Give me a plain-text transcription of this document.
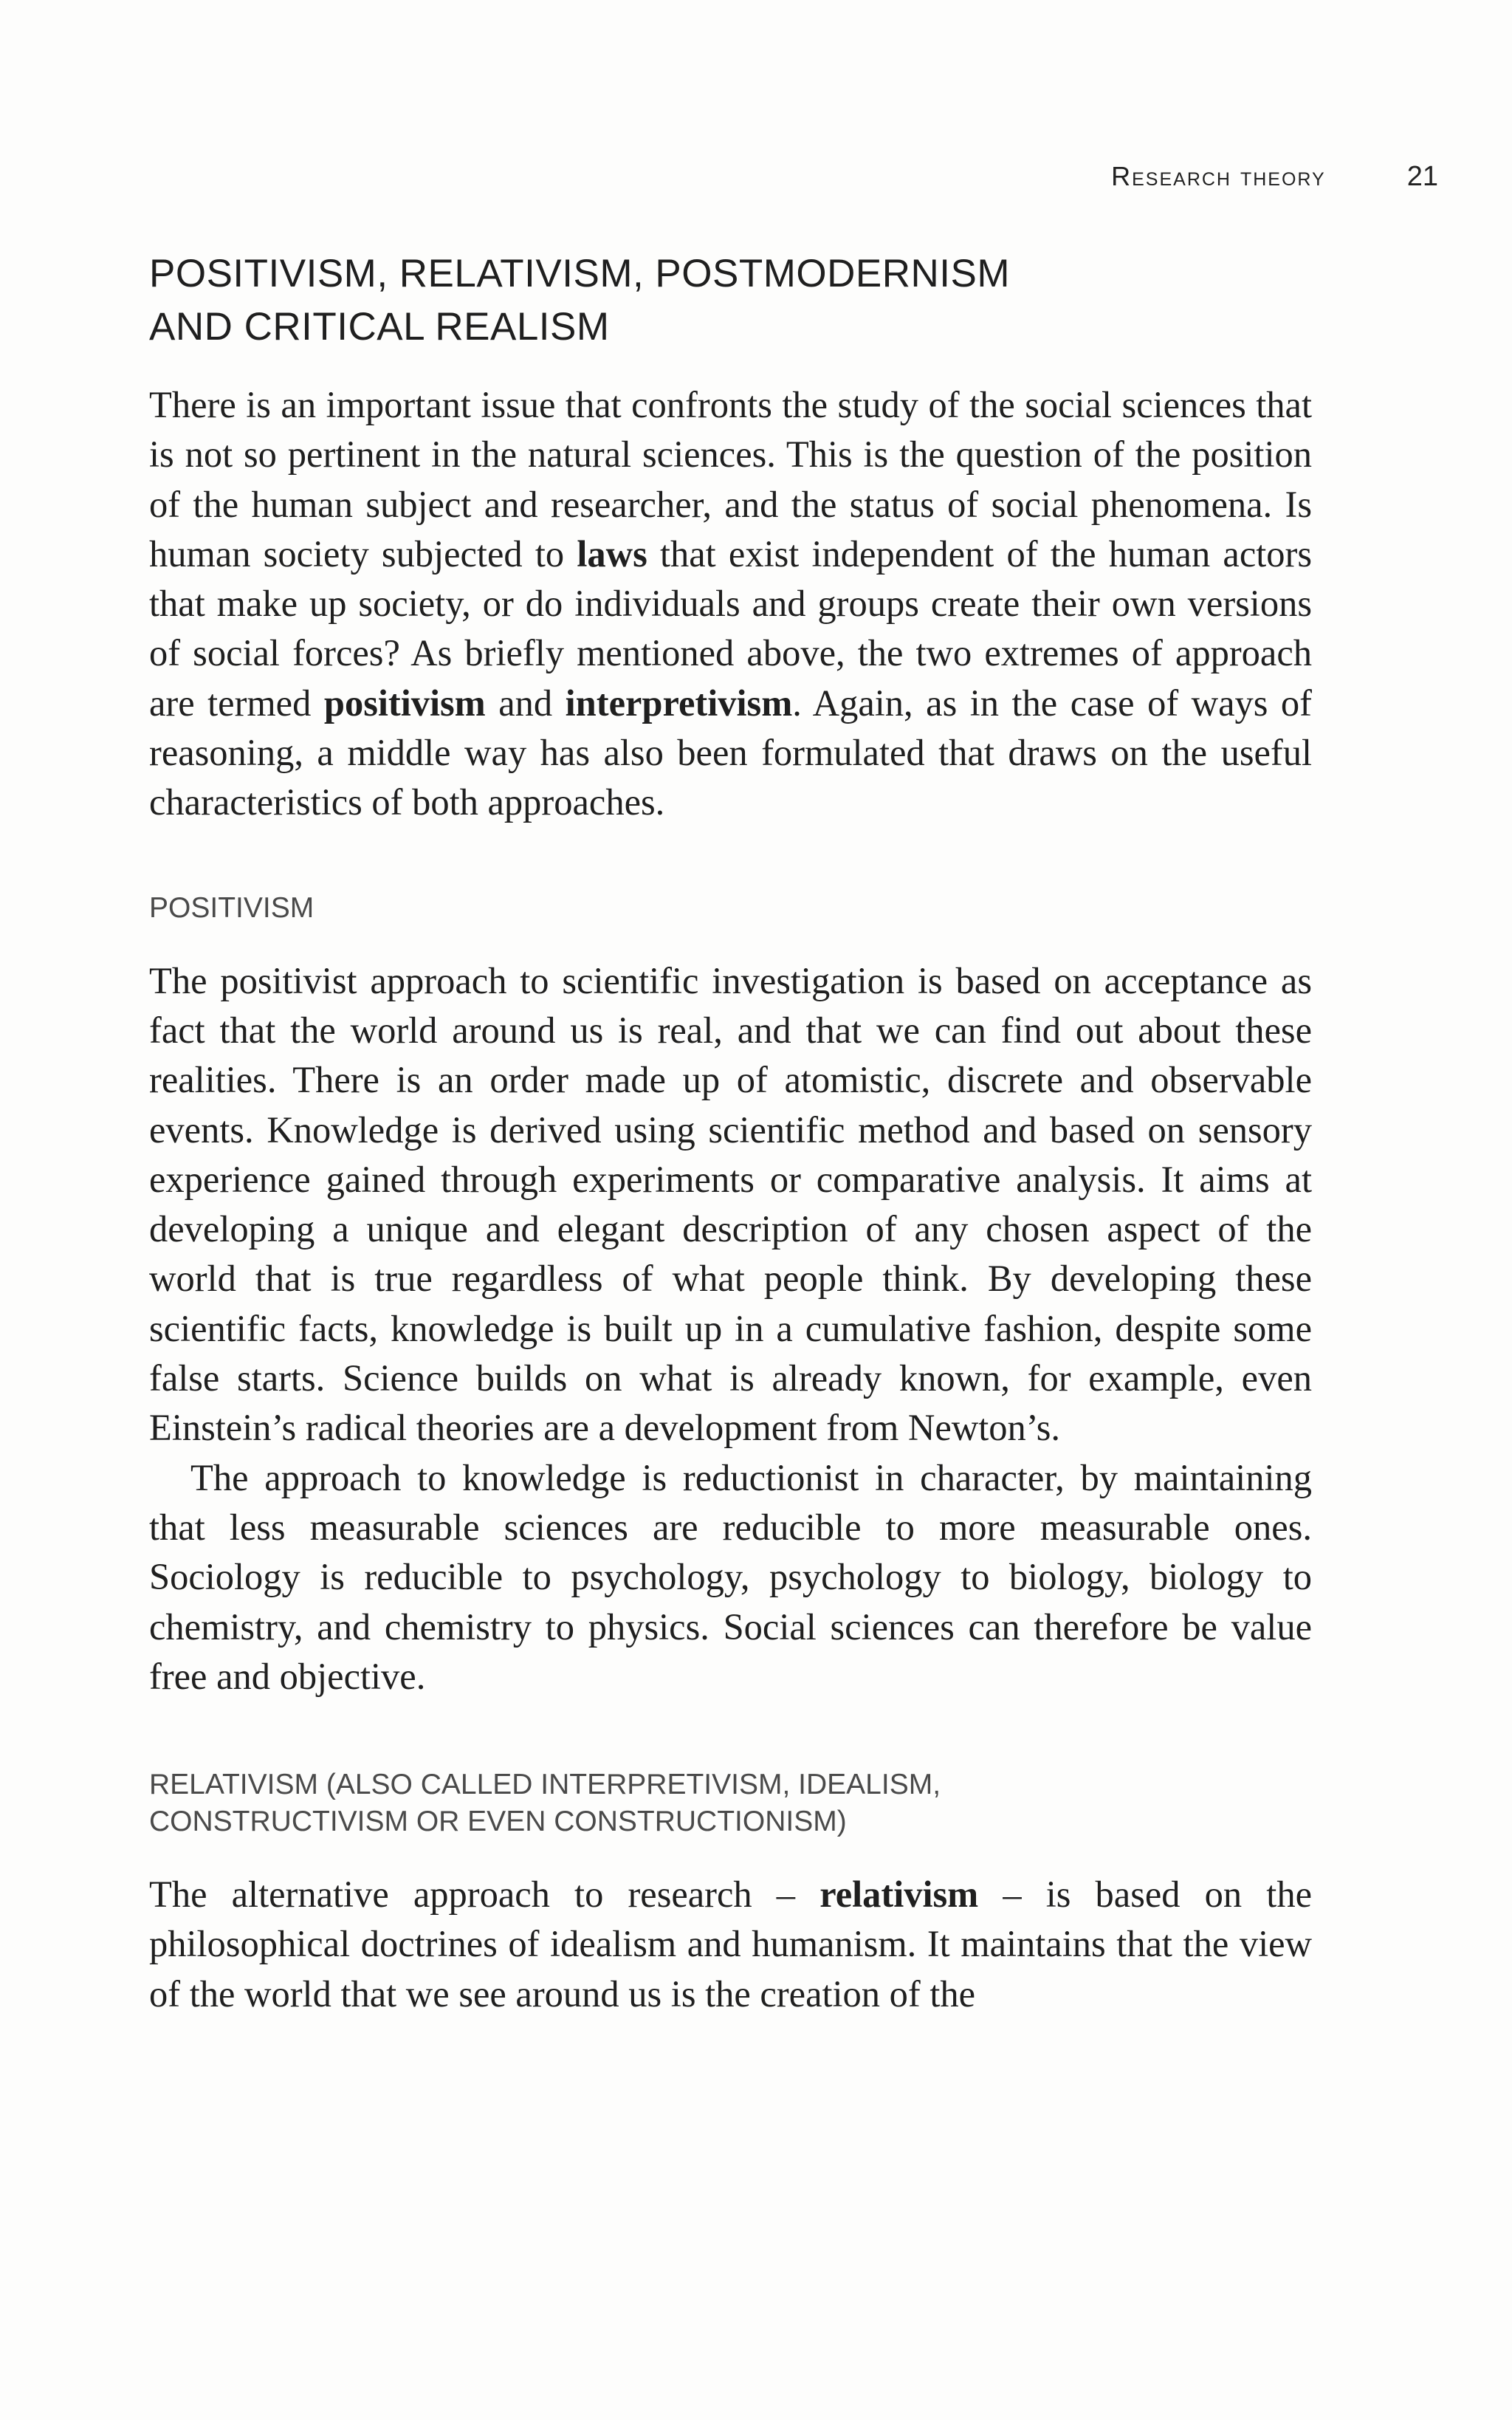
Research theory	21
POSITIVISM, RELATIVISM, POSTMODERNISM
AND CRITICAL REALISM

There is an important issue that confronts the study of the social sciences that is not so pertinent in the natural sciences. This is the question of the position of the human subject and researcher, and the status of social phenomena. Is human society subjected to laws that exist independent of the human actors that make up society, or do individuals and groups create their own versions of social forces? As briefly mentioned above, the two extremes of approach are termed positivism and interpretivism. Again, as in the case of ways of reasoning, a middle way has also been formulated that draws on the useful characteristics of both approaches.

POSITIVISM

The positivist approach to scientific investigation is based on acceptance as fact that the world around us is real, and that we can find out about these realities. There is an order made up of atomistic, discrete and observable events. Knowledge is derived using scientific method and based on sensory experience gained through experiments or comparative analysis. It aims at developing a unique and elegant description of any chosen aspect of the world that is true regardless of what people think. By developing these scientific facts, knowledge is built up in a cumulative fashion, despite some false starts. Science builds on what is already known, for example, even Einstein’s radical theories are a development from Newton’s.

The approach to knowledge is reductionist in character, by maintaining that less measurable sciences are reducible to more measurable ones. Sociology is reducible to psychology, psychology to biology, biology to chemistry, and chemistry to physics. Social sciences can therefore be value free and objective.

RELATIVISM (ALSO CALLED INTERPRETIVISM, IDEALISM,
CONSTRUCTIVISM OR EVEN CONSTRUCTIONISM)

The alternative approach to research – relativism – is based on the philosophical doctrines of idealism and humanism. It maintains that the view of the world that we see around us is the creation of the
